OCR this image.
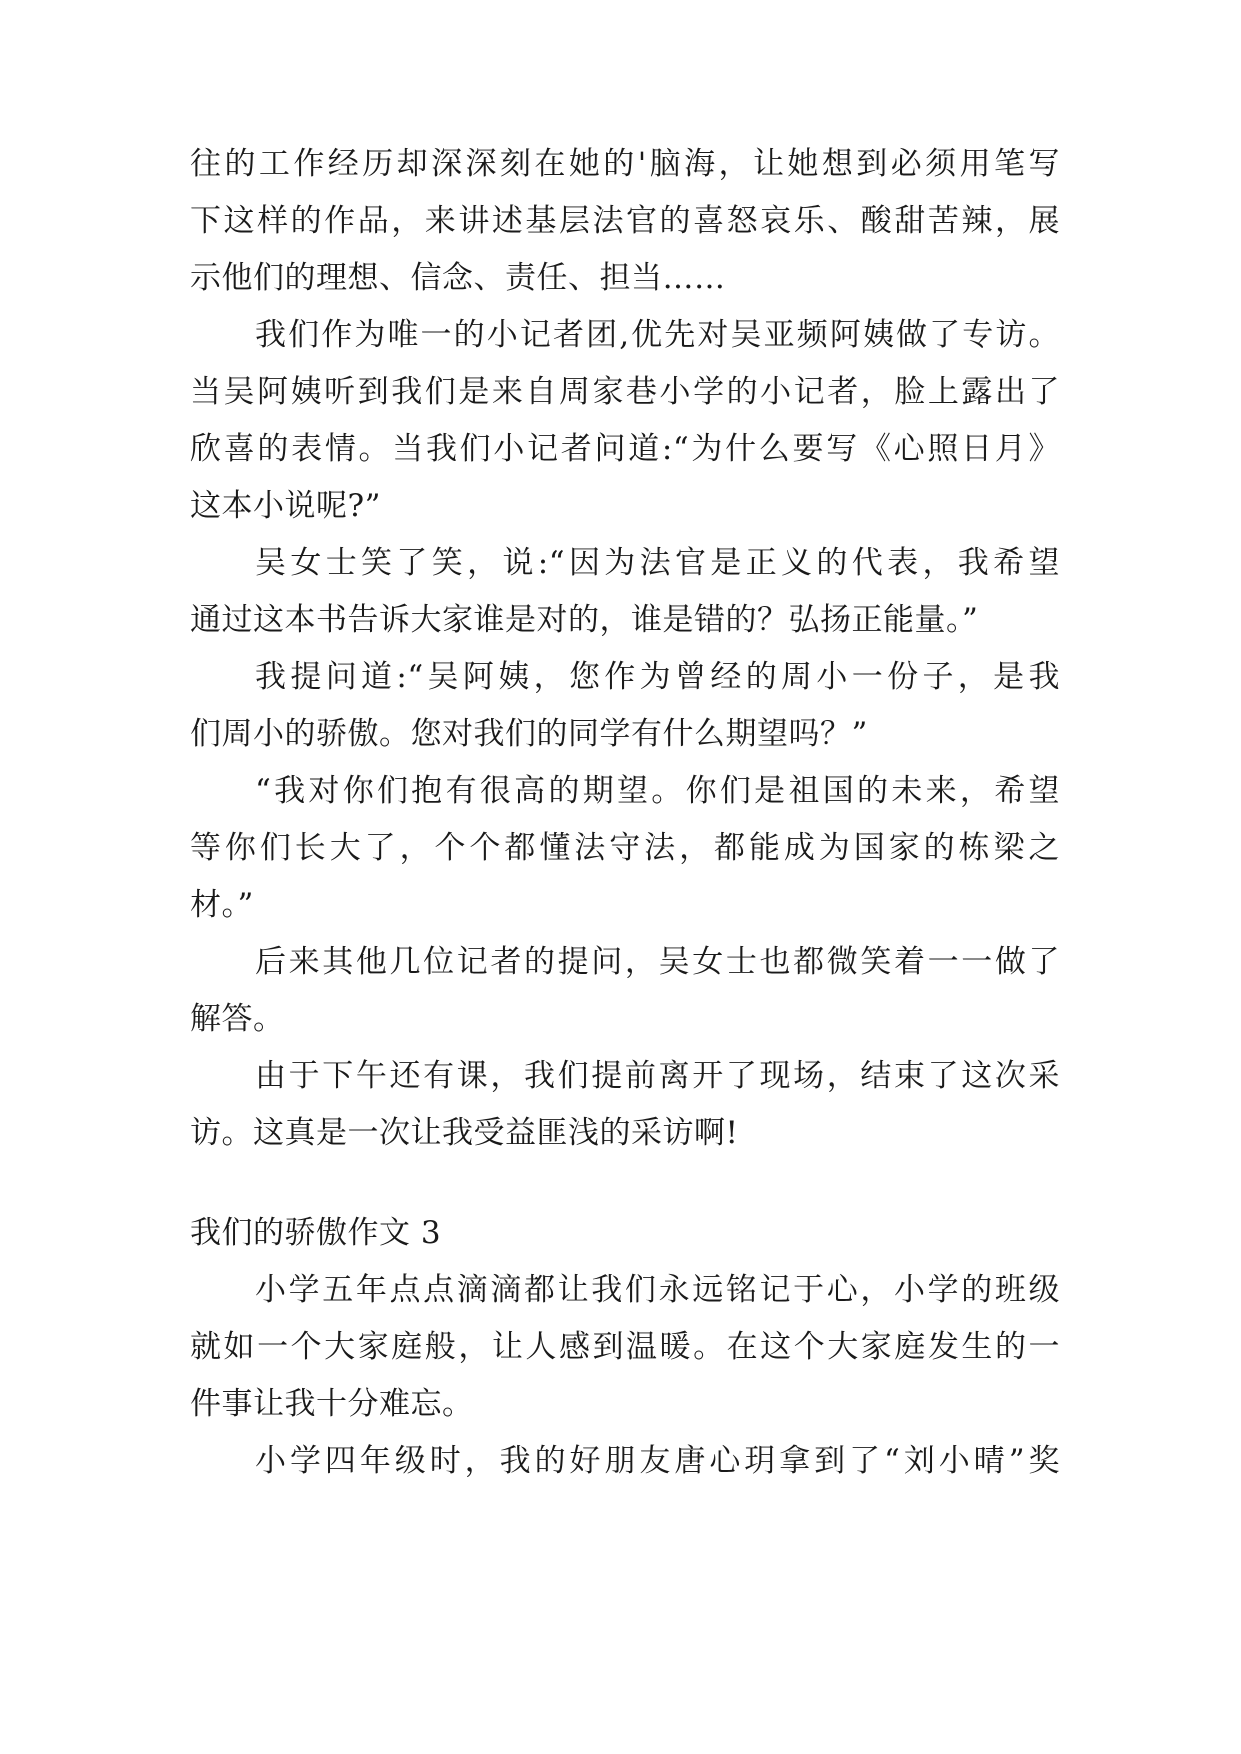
往的工作经历却深深刻在她的'脑海，让她想到必须用笔写
下这样的作品，来讲述基层法官的喜怒哀乐、酸甜苦辣，展
示他们的理想、信念、责任、担当……
我们作为唯一的小记者团,优先对吴亚频阿姨做了专访。
当吴阿姨听到我们是来自周家巷小学的小记者，脸上露出了
欣喜的表情。当我们小记者问道:“为什么要写《心照日月》
这本小说呢?”
吴女士笑了笑，说:“因为法官是正义的代表，我希望
通过这本书告诉大家谁是对的，谁是错的？弘扬正能量。”
我提问道:“吴阿姨，您作为曾经的周小一份子，是我
们周小的骄傲。您对我们的同学有什么期望吗？”
“我对你们抱有很高的期望。你们是祖国的未来，希望
等你们长大了，个个都懂法守法，都能成为国家的栋梁之
材。”
后来其他几位记者的提问，吴女士也都微笑着一一做了
解答。
由于下午还有课，我们提前离开了现场，结束了这次采
访。这真是一次让我受益匪浅的采访啊!
我们的骄傲作文 3
小学五年点点滴滴都让我们永远铭记于心，小学的班级
就如一个大家庭般，让人感到温暖。在这个大家庭发生的一
件事让我十分难忘。
小学四年级时，我的好朋友唐心玥拿到了“刘小晴”奖
